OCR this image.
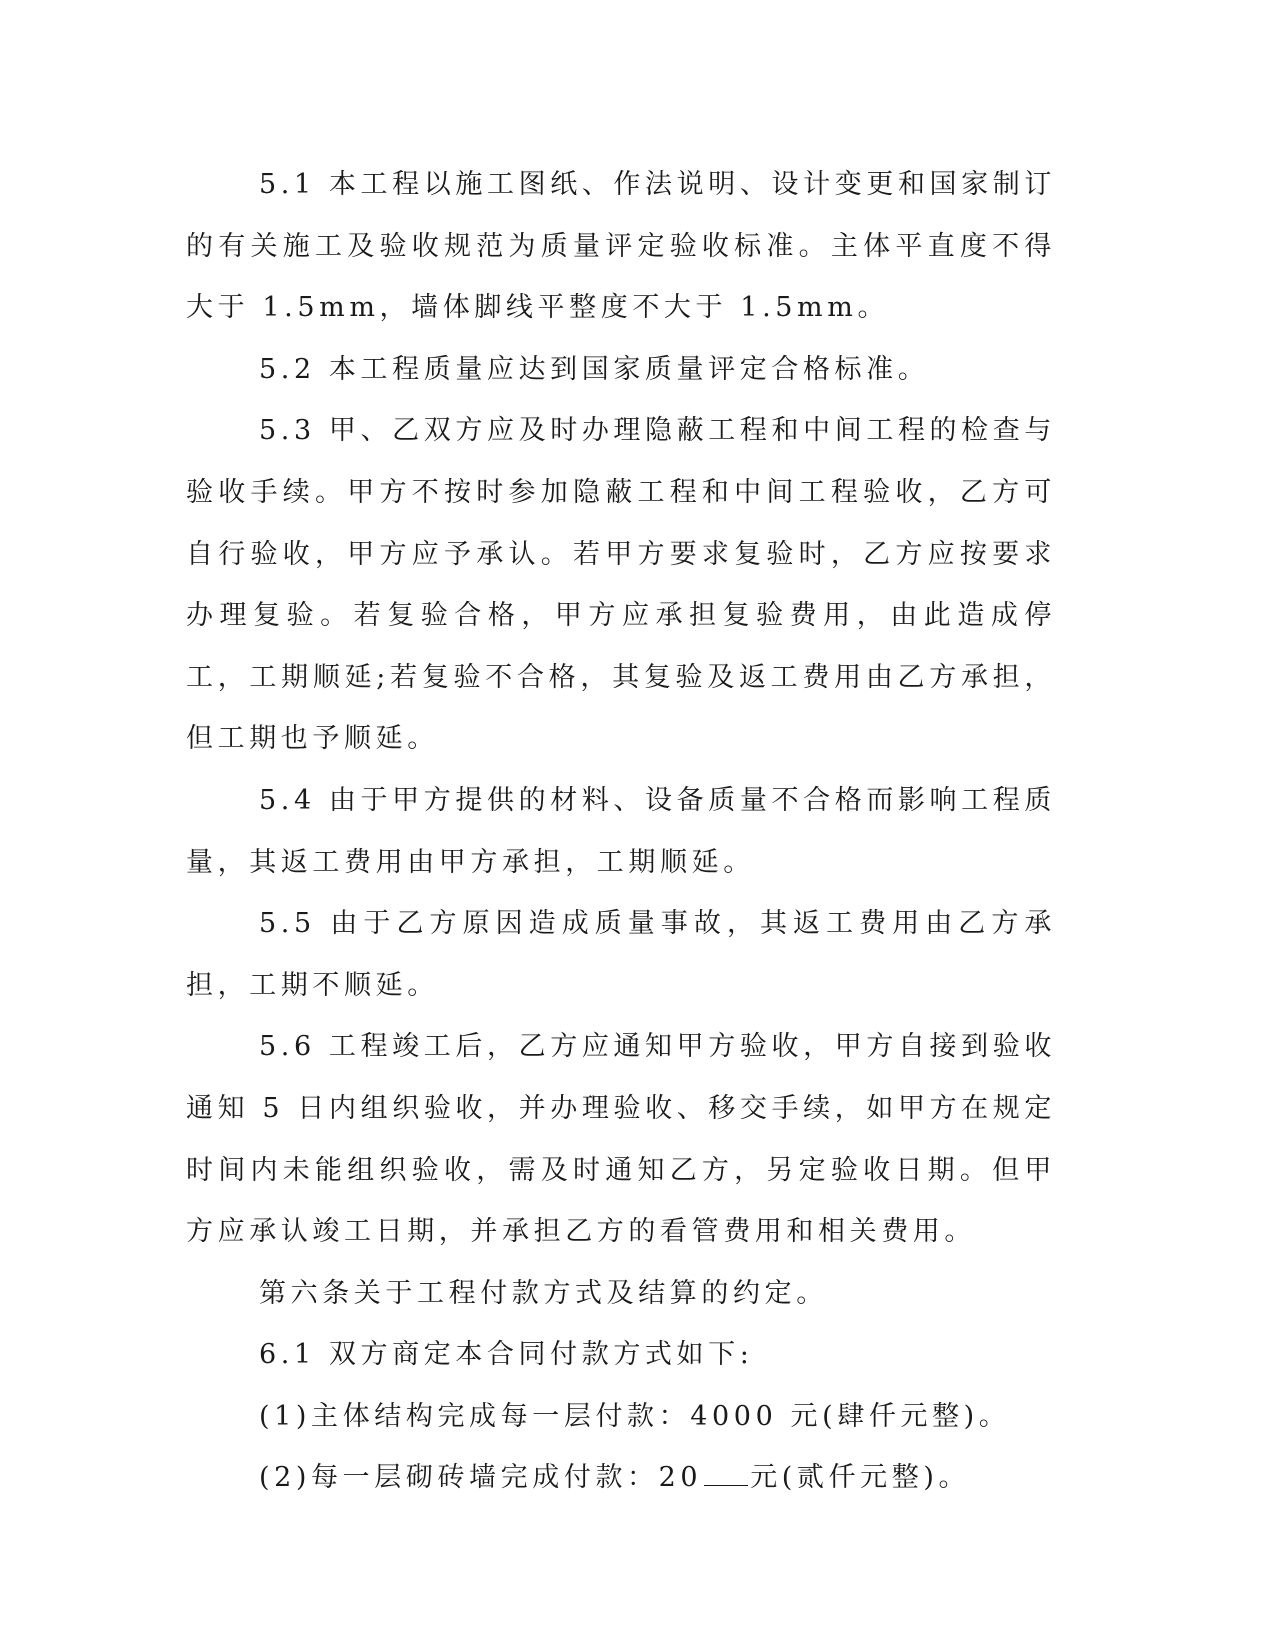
5.1 本工程以施工图纸、作法说明、设计变更和国家制订的有关施工及验收规范为质量评定验收标准。主体平直度不得大于 1.5mm，墙体脚线平整度不大于 1.5mm。

5.2 本工程质量应达到国家质量评定合格标准。

5.3 甲、乙双方应及时办理隐蔽工程和中间工程的检查与验收手续。甲方不按时参加隐蔽工程和中间工程验收，乙方可自行验收，甲方应予承认。若甲方要求复验时，乙方应按要求办理复验。若复验合格，甲方应承担复验费用，由此造成停工，工期顺延;若复验不合格，其复验及返工费用由乙方承担，但工期也予顺延。

5.4 由于甲方提供的材料、设备质量不合格而影响工程质量，其返工费用由甲方承担，工期顺延。

5.5 由于乙方原因造成质量事故，其返工费用由乙方承担，工期不顺延。

5.6 工程竣工后，乙方应通知甲方验收，甲方自接到验收通知 5 日内组织验收，并办理验收、移交手续，如甲方在规定时间内未能组织验收，需及时通知乙方，另定验收日期。但甲方应承认竣工日期，并承担乙方的看管费用和相关费用。

第六条关于工程付款方式及结算的约定。

6.1 双方商定本合同付款方式如下:

(1)主体结构完成每一层付款：4000 元(肆仟元整)。

(2)每一层砌砖墙完成付款：20 元(贰仟元整)。
